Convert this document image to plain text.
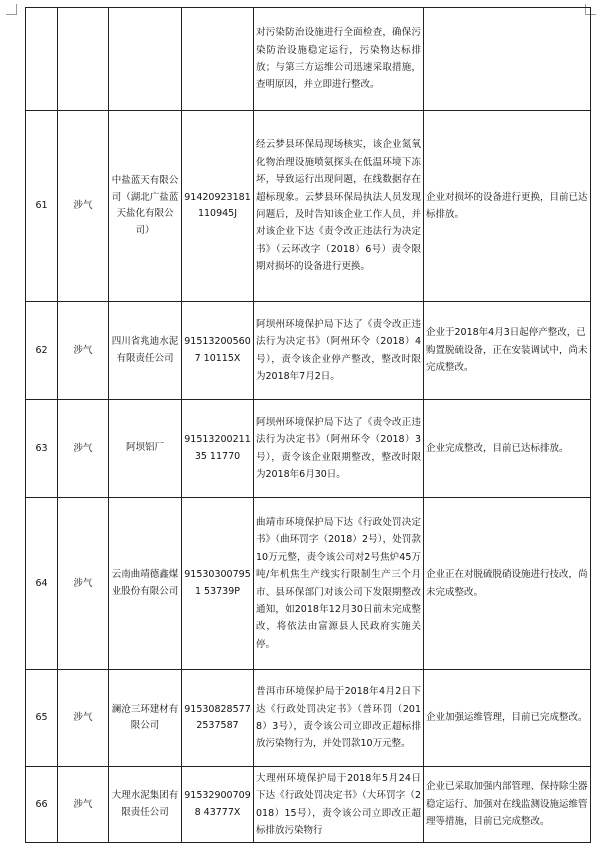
				对污染防治设施进行全面检查，确保污染防治设施稳定运行，污染物达标排放；与第三方运维公司迅速采取措施，查明原因，并立即进行整改。	
61	涉气	中盐蓝天有限公司（湖北广盐蓝天盐化有限公司）	91420923181110945J	经云梦县环保局现场核实，该企业氮氧化物治理设施喷氨探头在低温环境下冻坏，导致运行出现问题，在线数据存在超标现象。云梦县环保局执法人员发现问题后，及时告知该企业工作人员，并对该企业下达《责令改正违法行为决定书》（云环改字（2018）6号）责令限期对损坏的设备进行更换。	企业对损坏的设备进行更换，目前已达标排放。
62	涉气	四川省兆迪水泥有限责任公司	915132005607 10115X	阿坝州环境保护局下达了《责令改正违法行为决定书》（阿州环令（2018）4号），责令该企业停产整改，整改时限为2018年7月2日。	企业于2018年4月3日起停产整改，已购置脱硫设备，正在安装调试中，尚未完成整改。
63	涉气	阿坝铝厂	9151320021135 11770	阿坝州环境保护局下达了《责令改正违法行为决定书》（阿州环令（2018）3号），责令该企业限期整改，整改时限为2018年6月30日。	企业完成整改，目前已达标排放。
64	涉气	云南曲靖德鑫煤业股份有限公司	915303007951 53739P	曲靖市环境保护局下达《行政处罚决定书》（曲环罚字（2018）2号），处罚款10万元整，责令该公司对2号焦炉45万吨/年机焦生产线实行限制生产三个月市、县环保部门对该公司下发限期整改通知，如2018年12月30日前未完成整改，将依法由富源县人民政府实施关停。	企业正在对脱硫脱硝设施进行技改，尚未完成整改。
65	涉气	澜沧三环建材有限公司	915308285772537587	普洱市环境保护局于2018年4月2日下达《行政处罚决定书》（普环罚（2018）3号），责令该公司立即改正超标排放污染物行为，并处罚款10万元整。	企业加强运维管理，目前已完成整改。
66	涉气	大理水泥集团有限责任公司	915329007098 43777X	大理州环境保护局于2018年5月24日下达《行政处罚决定书》（大环罚字（2018）15号），责令该公司立即改正超标排放污染物行	企业已采取加强内部管理、保持除尘器稳定运行、加强对在线监测设施运维管理等措施，目前已完成整改。
